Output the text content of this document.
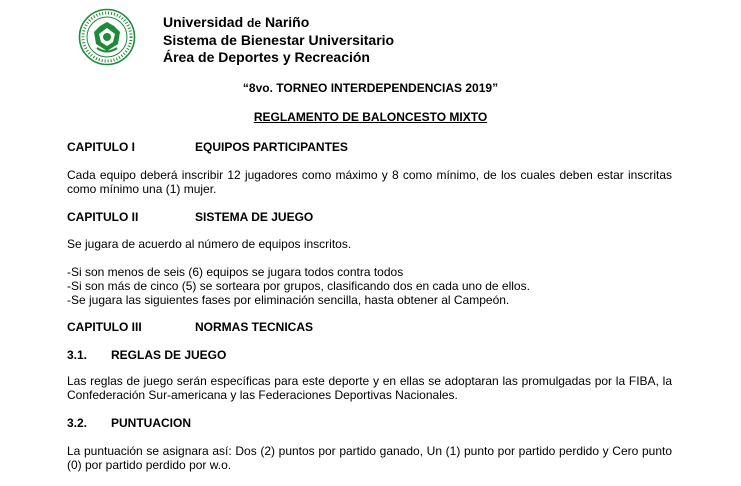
Universidad de Nariño
Sistema de Bienestar Universitario
Área de Deportes y Recreación
“8vo. TORNEO INTERDEPENDENCIAS 2019”
REGLAMENTO DE BALONCESTO MIXTO
CAPITULO I	EQUIPOS PARTICIPANTES
Cada equipo deberá inscribir 12 jugadores como máximo y 8 como mínimo, de los cuales deben estar inscritas como mínimo una (1) mujer.
CAPITULO II	SISTEMA DE JUEGO
Se jugara de acuerdo al número de equipos inscritos.
-Si son menos de seis (6) equipos se jugara todos contra todos
-Si son más de cinco (5) se sorteara por grupos, clasificando dos en cada uno de ellos.
-Se jugara las siguientes fases por eliminación sencilla, hasta obtener al Campeón.
CAPITULO III	NORMAS TECNICAS
3.1. REGLAS DE JUEGO
Las reglas de juego serán específicas para este deporte y en ellas se adoptaran las promulgadas por la FIBA, la Confederación Sur-americana y las Federaciones Deportivas Nacionales.
3.2. PUNTUACION
La puntuación se asignara así: Dos (2) puntos por partido ganado, Un (1) punto por partido perdido y Cero punto (0) por partido perdido por w.o.
